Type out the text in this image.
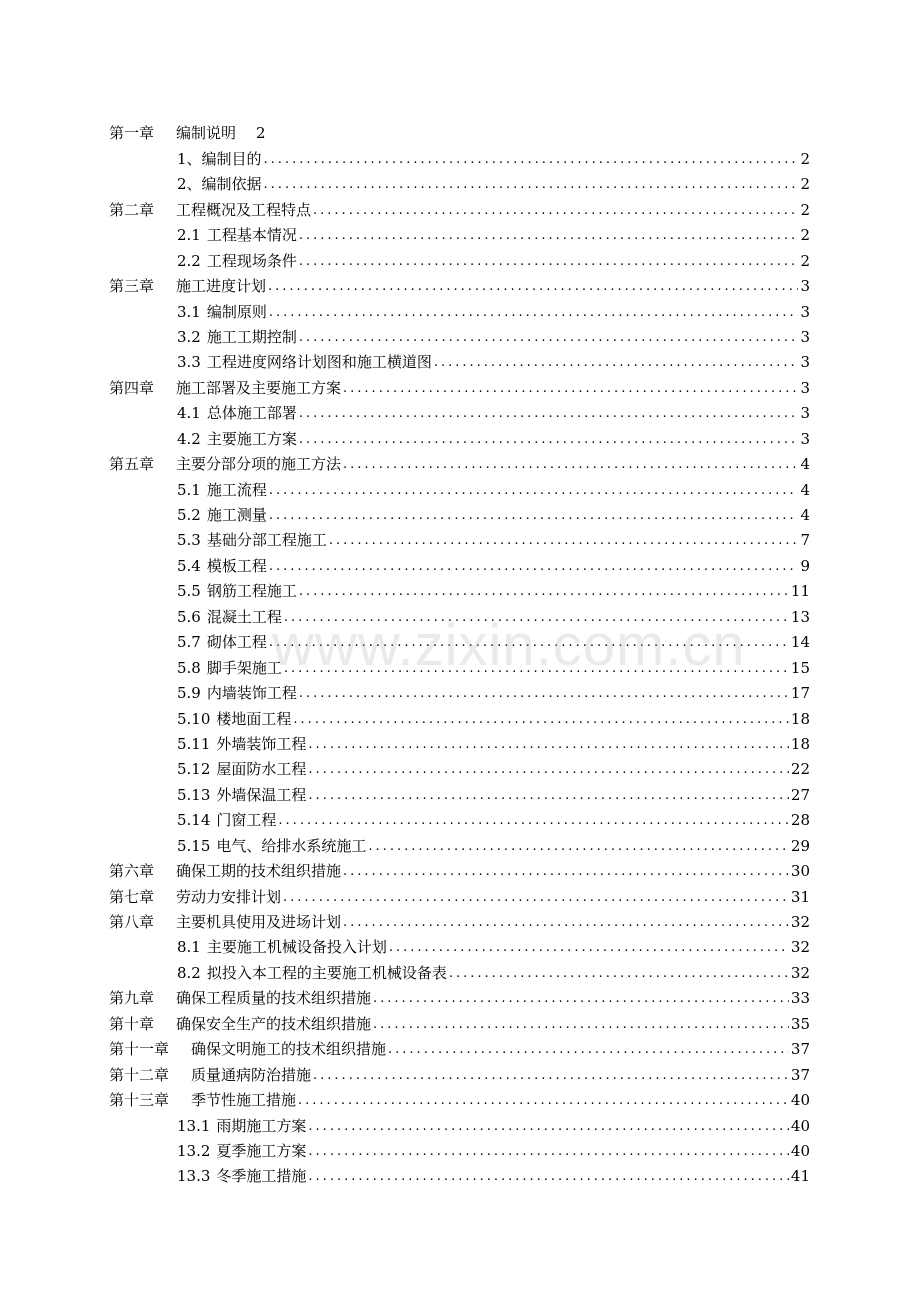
第一章 编制说明 2
1、编制目的 .....	2
2、编制依据 .....	2
第二章 工程概况及工程特点 .....	2
2.1 工程基本情况 .....	2
2.2 工程现场条件 .....	2
第三章 施工进度计划 .....	3
3.1 编制原则 .....	3
3.2 施工工期控制 .....	3
3.3 工程进度网络计划图和施工横道图 .....	3
第四章 施工部署及主要施工方案 .....	3
4.1 总体施工部署 .....	3
4.2 主要施工方案 .....	3
第五章 主要分部分项的施工方法 .....	4
5.1 施工流程 .....	4
5.2 施工测量 .....	4
5.3 基础分部工程施工 .....	7
5.4 模板工程 .....	9
5.5 钢筋工程施工 .....	11
5.6 混凝土工程 .....	13
5.7 砌体工程 .....	14
5.8 脚手架施工 .....	15
5.9 内墙装饰工程 .....	17
5.10 楼地面工程 .....	18
5.11 外墙装饰工程 .....	18
5.12 屋面防水工程 .....	22
5.13 外墙保温工程 .....	27
5.14 门窗工程 .....	28
5.15 电气、给排水系统施工 .....	29
第六章 确保工期的技术组织措施 .....	30
第七章 劳动力安排计划 .....	31
第八章 主要机具使用及进场计划 .....	32
8.1 主要施工机械设备投入计划 .....	32
8.2 拟投入本工程的主要施工机械设备表 .....	32
第九章 确保工程质量的技术组织措施 .....	33
第十章 确保安全生产的技术组织措施 .....	35
第十一章 确保文明施工的技术组织措施 .....	37
第十二章 质量通病防治措施 .....	37
第十三章 季节性施工措施 .....	40
13.1 雨期施工方案 .....	40
13.2 夏季施工方案 .....	40
13.3 冬季施工措施 .....	41
www.zixin.com.cn
